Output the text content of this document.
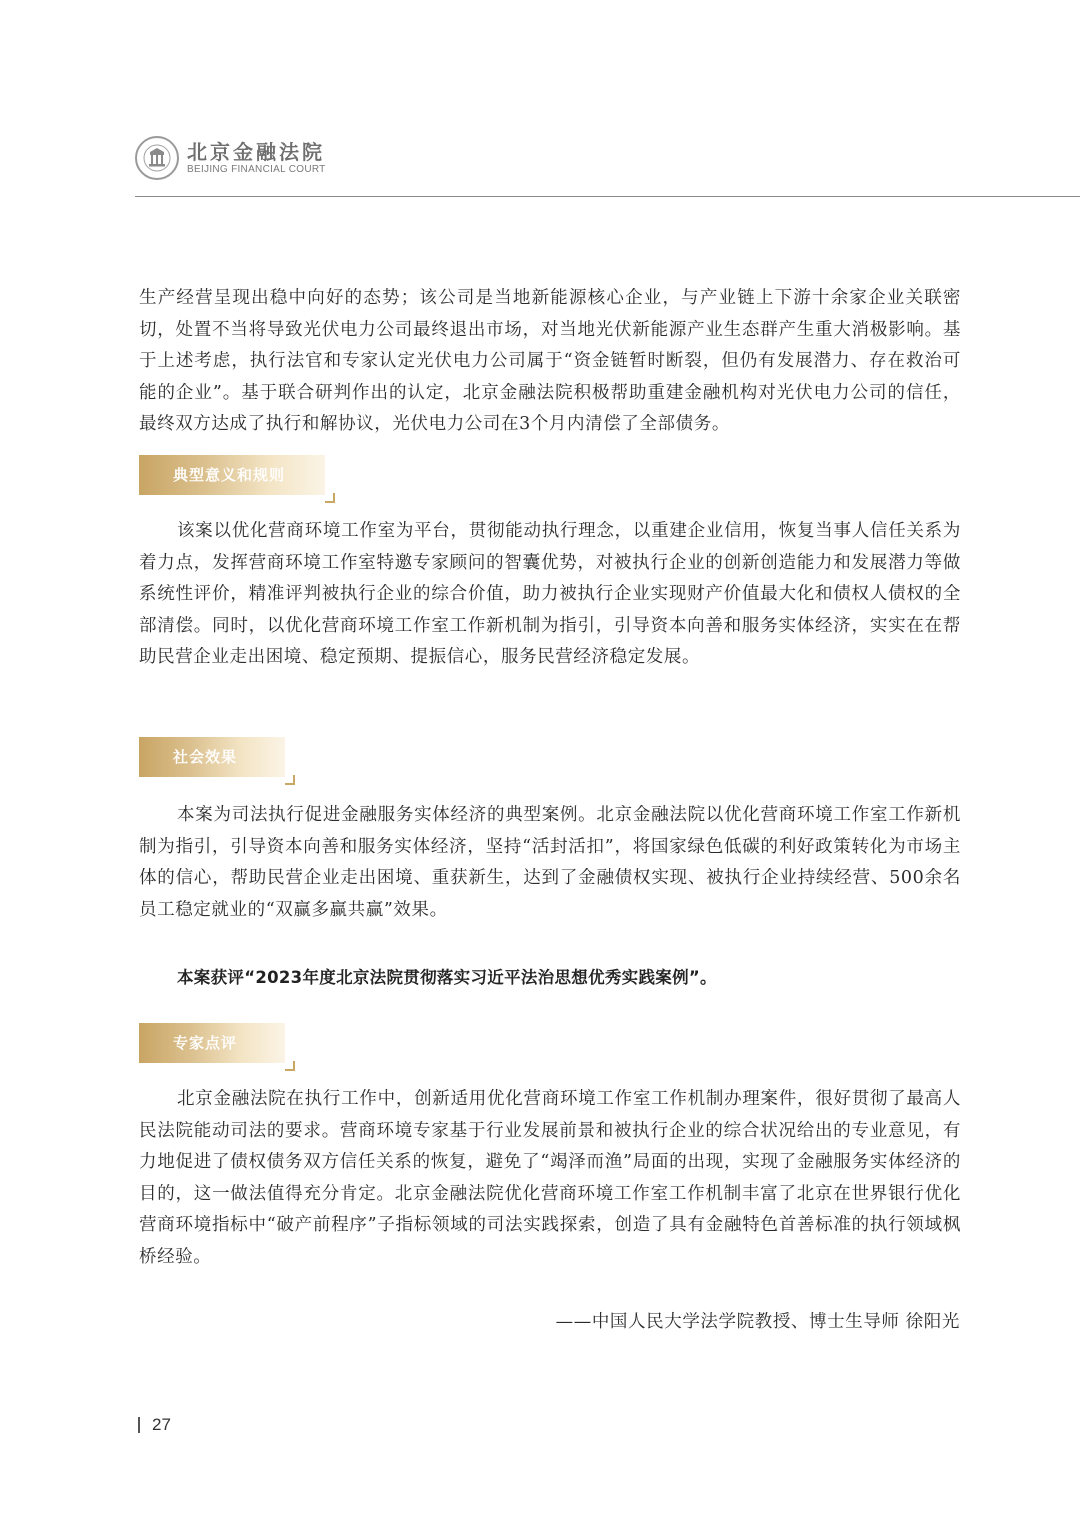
北京金融法院
BEIJING FINANCIAL COURT

生产经营呈现出稳中向好的态势；该公司是当地新能源核心企业，与产业链上下游十余家企业关联密切，处置不当将导致光伏电力公司最终退出市场，对当地光伏新能源产业生态群产生重大消极影响。基于上述考虑，执行法官和专家认定光伏电力公司属于“资金链暂时断裂，但仍有发展潜力、存在救治可能的企业”。基于联合研判作出的认定，北京金融法院积极帮助重建金融机构对光伏电力公司的信任，最终双方达成了执行和解协议，光伏电力公司在3个月内清偿了全部债务。

典型意义和规则

该案以优化营商环境工作室为平台，贯彻能动执行理念，以重建企业信用，恢复当事人信任关系为着力点，发挥营商环境工作室特邀专家顾问的智囊优势，对被执行企业的创新创造能力和发展潜力等做系统性评价，精准评判被执行企业的综合价值，助力被执行企业实现财产价值最大化和债权人债权的全部清偿。同时，以优化营商环境工作室工作新机制为指引，引导资本向善和服务实体经济，实实在在帮助民营企业走出困境、稳定预期、提振信心，服务民营经济稳定发展。

社会效果

本案为司法执行促进金融服务实体经济的典型案例。北京金融法院以优化营商环境工作室工作新机制为指引，引导资本向善和服务实体经济，坚持“活封活扣”，将国家绿色低碳的利好政策转化为市场主体的信心，帮助民营企业走出困境、重获新生，达到了金融债权实现、被执行企业持续经营、500余名员工稳定就业的“双赢多赢共赢”效果。

本案获评“2023年度北京法院贯彻落实习近平法治思想优秀实践案例”。
专家点评

北京金融法院在执行工作中，创新适用优化营商环境工作室工作机制办理案件，很好贯彻了最高人民法院能动司法的要求。营商环境专家基于行业发展前景和被执行企业的综合状况给出的专业意见，有力地促进了债权债务双方信任关系的恢复，避免了“竭泽而渔”局面的出现，实现了金融服务实体经济的目的，这一做法值得充分肯定。北京金融法院优化营商环境工作室工作机制丰富了北京在世界银行优化营商环境指标中“破产前程序”子指标领域的司法实践探索，创造了具有金融特色首善标准的执行领域枫桥经验。

——中国人民大学法学院教授、博士生导师 徐阳光
27
